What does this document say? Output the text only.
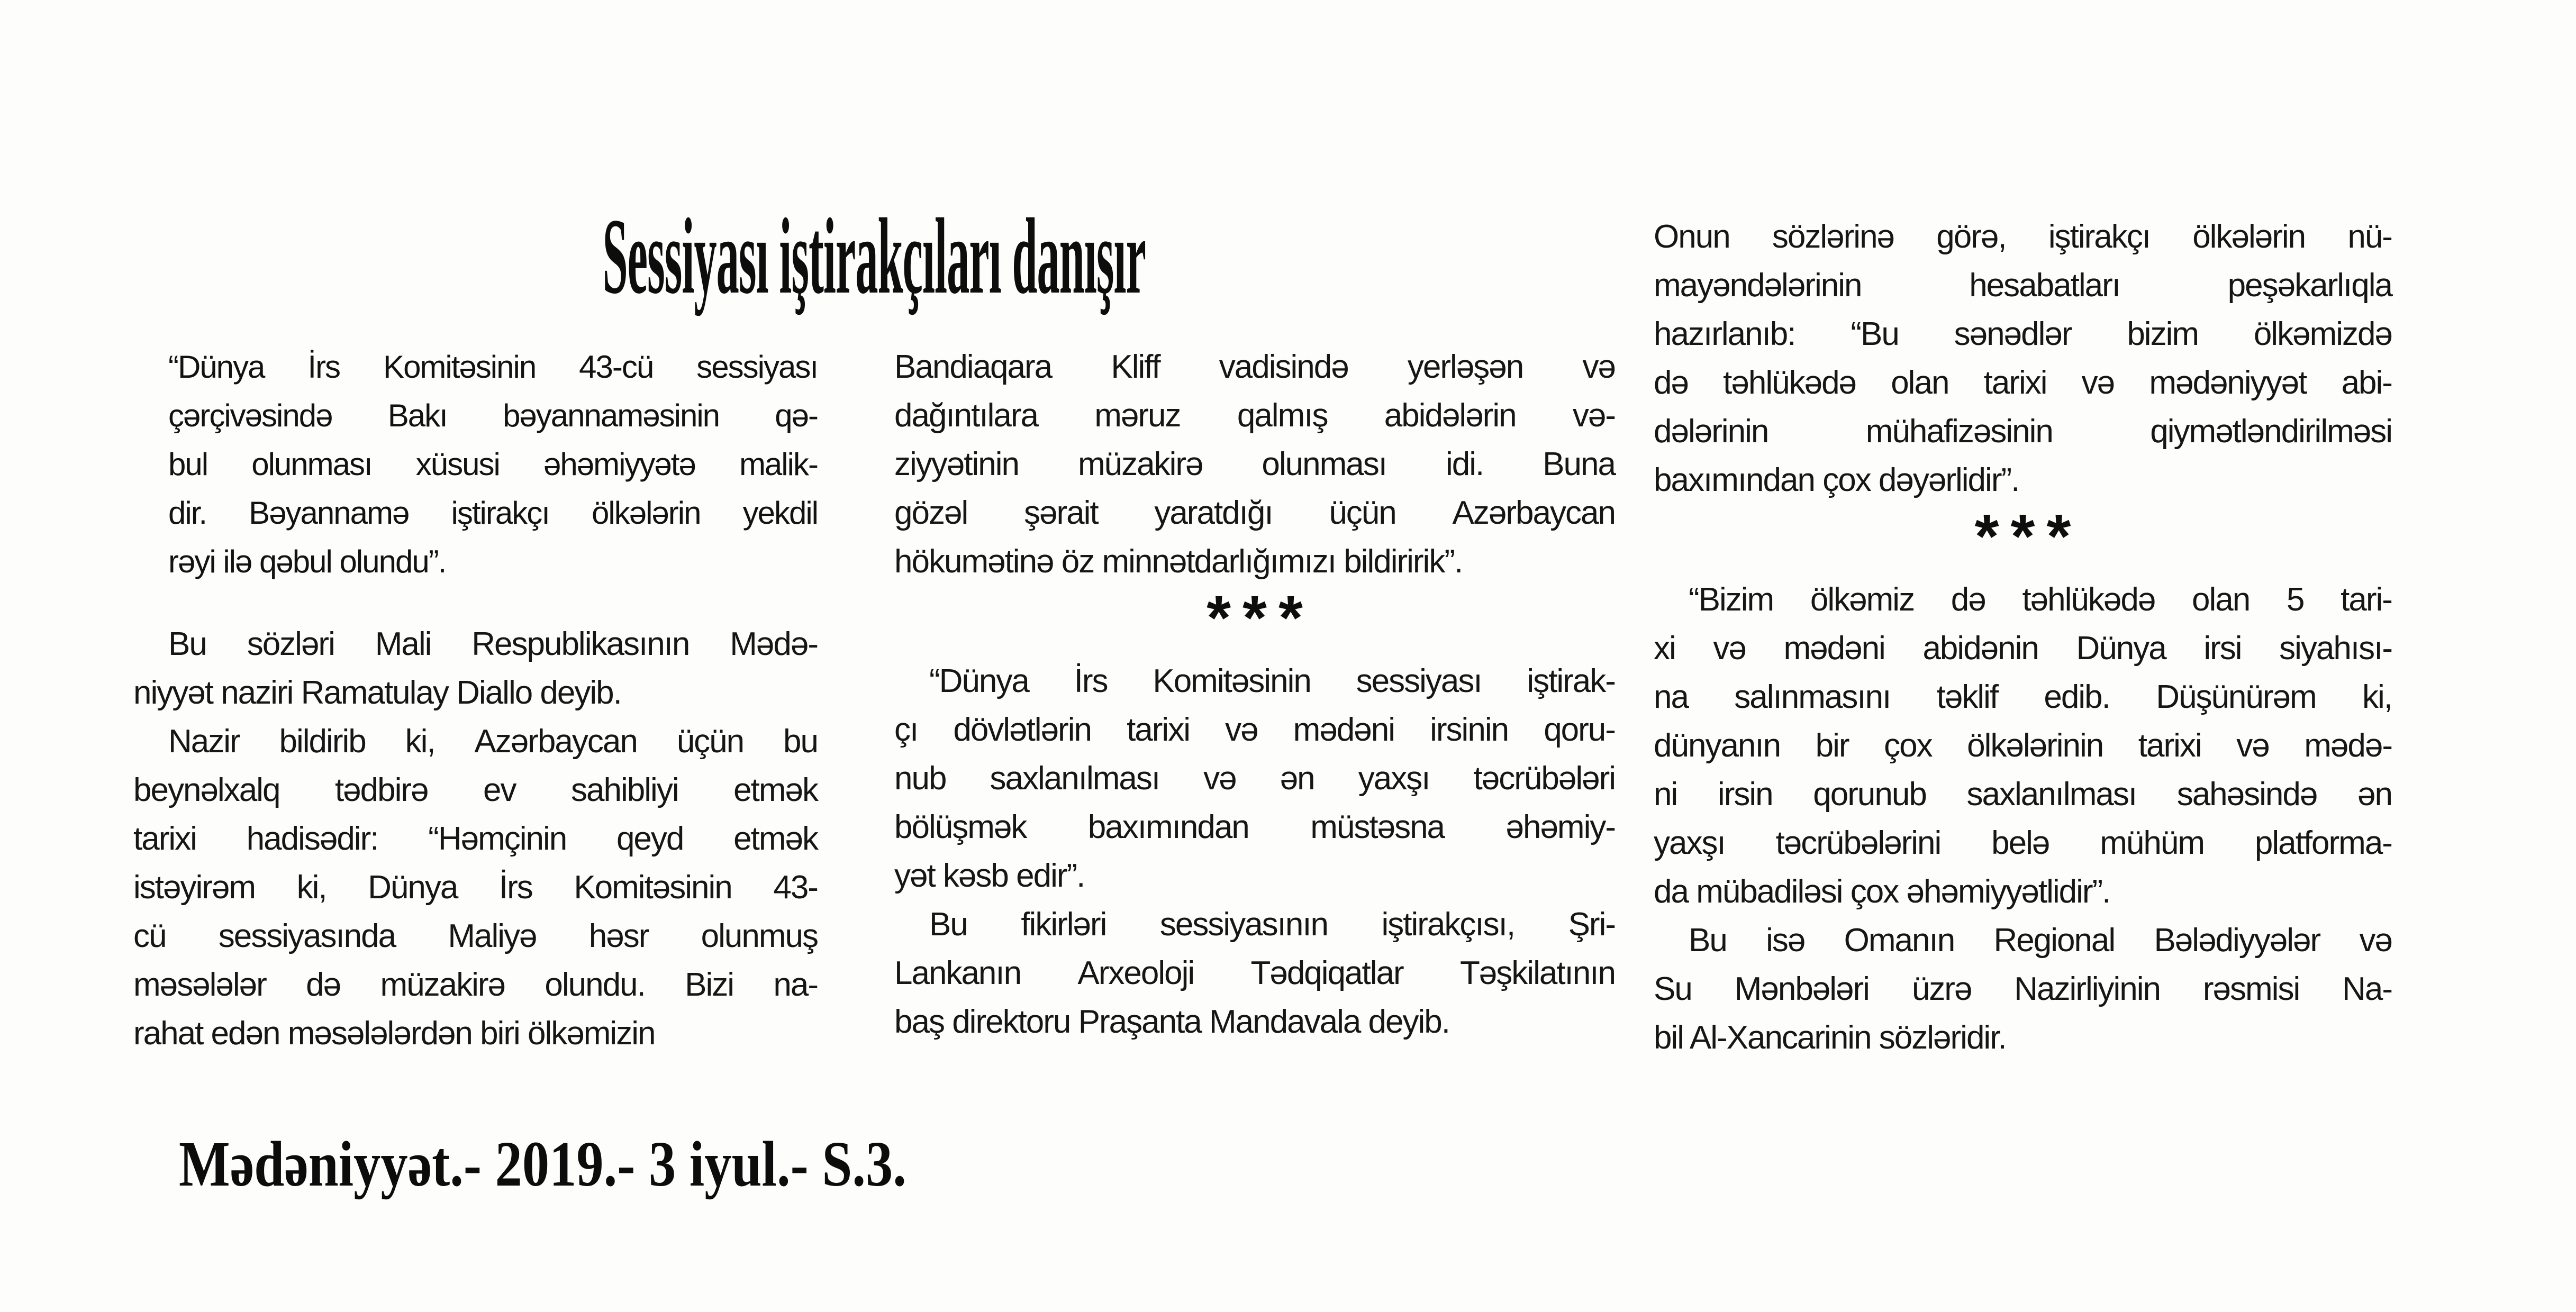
Sessiyası iştirakçıları danışır
“Dünya İrs Komitəsinin 43-cü sessiyası
çərçivəsində Bakı bəyannaməsinin qə-
bul olunması xüsusi əhəmiyyətə malik-
dir. Bəyannamə iştirakçı ölkələrin yekdil
rəyi ilə qəbul olundu”.
Bu sözləri Mali Respublikasının Mədə-
niyyət naziri Ramatulay Diallo deyib.
Nazir bildirib ki, Azərbaycan üçün bu
beynəlxalq tədbirə ev sahibliyi etmək
tarixi hadisədir: “Həmçinin qeyd etmək
istəyirəm ki, Dünya İrs Komitəsinin 43-
cü sessiyasında Maliyə həsr olunmuş
məsələlər də müzakirə olundu. Bizi na-
rahat edən məsələlərdən biri ölkəmizin
Bandiaqara Kliff vadisində yerləşən və
dağıntılara məruz qalmış abidələrin və-
ziyyətinin müzakirə olunması idi. Buna
gözəl şərait yaratdığı üçün Azərbaycan
hökumətinə öz minnətdarlığımızı bildiririk”.
***
“Dünya İrs Komitəsinin sessiyası iştirak-
çı dövlətlərin tarixi və mədəni irsinin qoru-
nub saxlanılması və ən yaxşı təcrübələri
bölüşmək baxımından müstəsna əhəmiy-
yət kəsb edir”.
Bu fikirləri sessiyasının iştirakçısı, Şri-
Lankanın Arxeoloji Tədqiqatlar Təşkilatının
baş direktoru Praşanta Mandavala deyib.
Onun sözlərinə görə, iştirakçı ölkələrin nü-
mayəndələrinin	hesabatları	peşəkarlıqla
hazırlanıb: “Bu sənədlər bizim ölkəmizdə
də təhlükədə olan tarixi və mədəniyyət abi-
dələrinin	mühafizəsinin	qiymətləndirilməsi
baxımından çox dəyərlidir”.
***
“Bizim ölkəmiz də təhlükədə olan 5 tari-
xi və mədəni abidənin Dünya irsi siyahısı-
na salınmasını təklif edib. Düşünürəm ki,
dünyanın bir çox ölkələrinin tarixi və mədə-
ni irsin qorunub saxlanılması sahəsində ən
yaxşı təcrübələrini belə mühüm platforma-
da mübadiləsi çox əhəmiyyətlidir”.
Bu isə Omanın Regional Bələdiyyələr və
Su Mənbələri üzrə Nazirliyinin rəsmisi Na-
bil Al-Xancarinin sözləridir.
Mədəniyyət.- 2019.- 3 iyul.- S.3.
